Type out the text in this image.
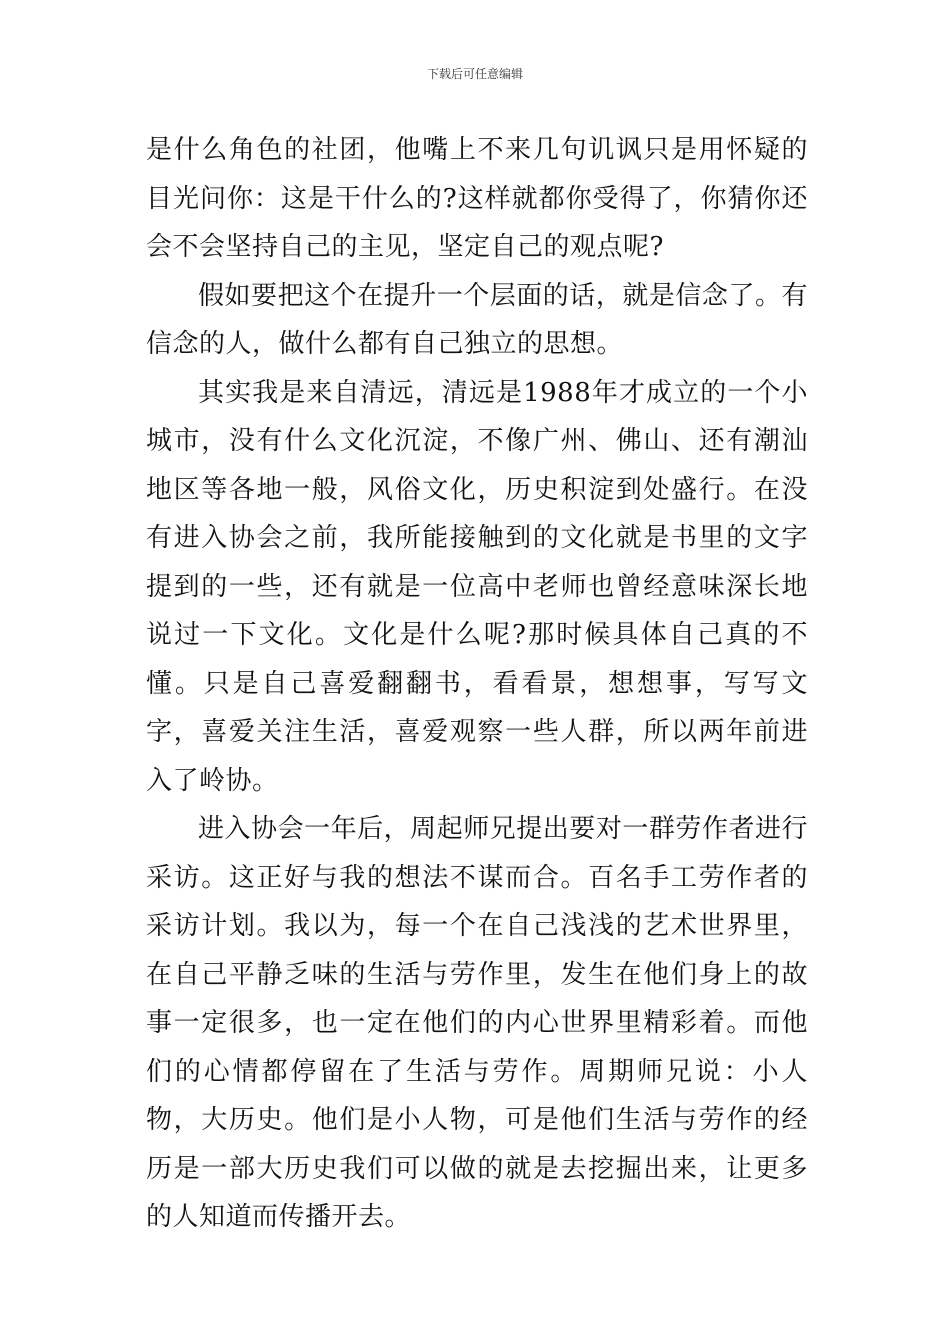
下载后可任意编辑

是什么角色的社团，他嘴上不来几句讥讽只是用怀疑的目光问你：这是干什么的?这样就都你受得了，你猜你还会不会坚持自己的主见，坚定自己的观点呢?

假如要把这个在提升一个层面的话，就是信念了。有信念的人，做什么都有自己独立的思想。

其实我是来自清远，清远是1988年才成立的一个小城市，没有什么文化沉淀，不像广州、佛山、还有潮汕地区等各地一般，风俗文化，历史积淀到处盛行。在没有进入协会之前，我所能接触到的文化就是书里的文字提到的一些，还有就是一位高中老师也曾经意味深长地说过一下文化。文化是什么呢?那时候具体自己真的不懂。只是自己喜爱翻翻书，看看景，想想事，写写文字，喜爱关注生活，喜爱观察一些人群，所以两年前进入了岭协。

进入协会一年后，周起师兄提出要对一群劳作者进行采访。这正好与我的想法不谋而合。百名手工劳作者的采访计划。我以为，每一个在自己浅浅的艺术世界里，在自己平静乏味的生活与劳作里，发生在他们身上的故事一定很多，也一定在他们的内心世界里精彩着。而他们的心情都停留在了生活与劳作。周期师兄说：小人物，大历史。他们是小人物，可是他们生活与劳作的经历是一部大历史我们可以做的就是去挖掘出来，让更多的人知道而传播开去。
